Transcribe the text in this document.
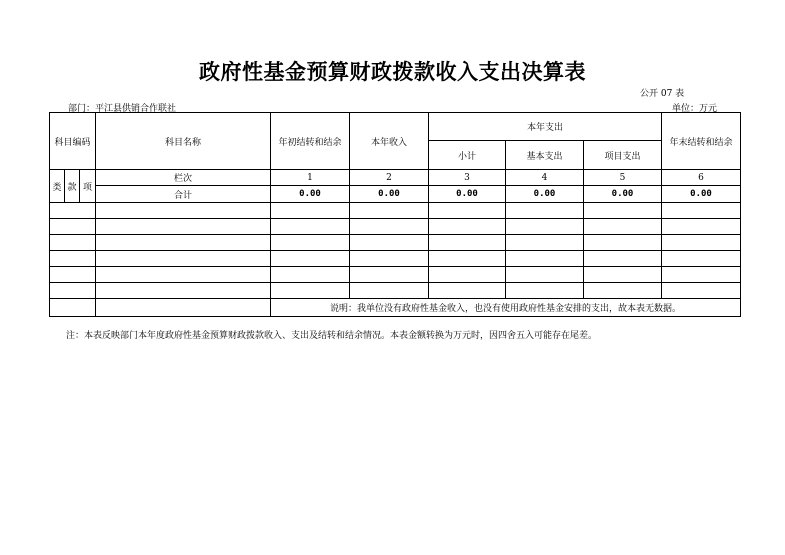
政府性基金预算财政拨款收入支出决算表
公开 07 表
部门：平江县供销合作联社	单位：万元
科目编码			科目名称	年初结转和结余	本年收入	本年支出			年末结转和结余
						小计	基本支出	项目支出	
类	款	项	栏次	1	2	3	4	5	6
			合计	0.00	0.00	0.00	0.00	0.00	0.00

				说明：我单位没有政府性基金收入，也没有使用政府性基金安排的支出，故本表无数据。					
注：本表反映部门本年度政府性基金预算财政拨款收入、支出及结转和结余情况。本表金额转换为万元时，因四舍五入可能存在尾差。
